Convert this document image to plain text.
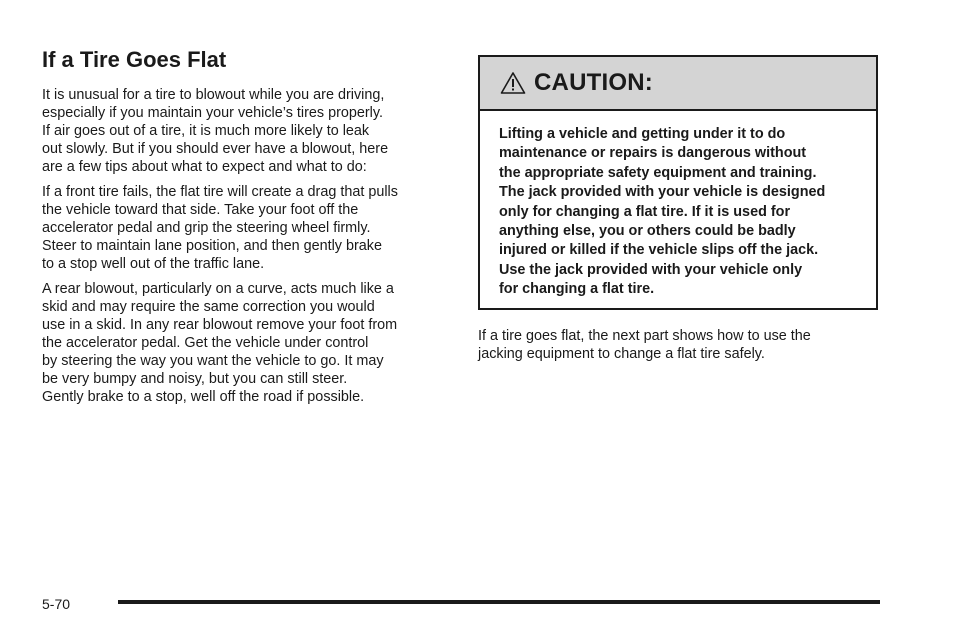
If a Tire Goes Flat

It is unusual for a tire to blowout while you are driving,
especially if you maintain your vehicle’s tires properly.
If air goes out of a tire, it is much more likely to leak
out slowly. But if you should ever have a blowout, here
are a few tips about what to expect and what to do:

If a front tire fails, the flat tire will create a drag that pulls
the vehicle toward that side. Take your foot off the
accelerator pedal and grip the steering wheel firmly.
Steer to maintain lane position, and then gently brake
to a stop well out of the traffic lane.

A rear blowout, particularly on a curve, acts much like a
skid and may require the same correction you would
use in a skid. In any rear blowout remove your foot from
the accelerator pedal. Get the vehicle under control
by steering the way you want the vehicle to go. It may
be very bumpy and noisy, but you can still steer.
Gently brake to a stop, well off the road if possible.

CAUTION:
Lifting a vehicle and getting under it to do
maintenance or repairs is dangerous without
the appropriate safety equipment and training.
The jack provided with your vehicle is designed
only for changing a flat tire. If it is used for
anything else, you or others could be badly
injured or killed if the vehicle slips off the jack.
Use the jack provided with your vehicle only
for changing a flat tire.
If a tire goes flat, the next part shows how to use the
jacking equipment to change a flat tire safely.
5-70
